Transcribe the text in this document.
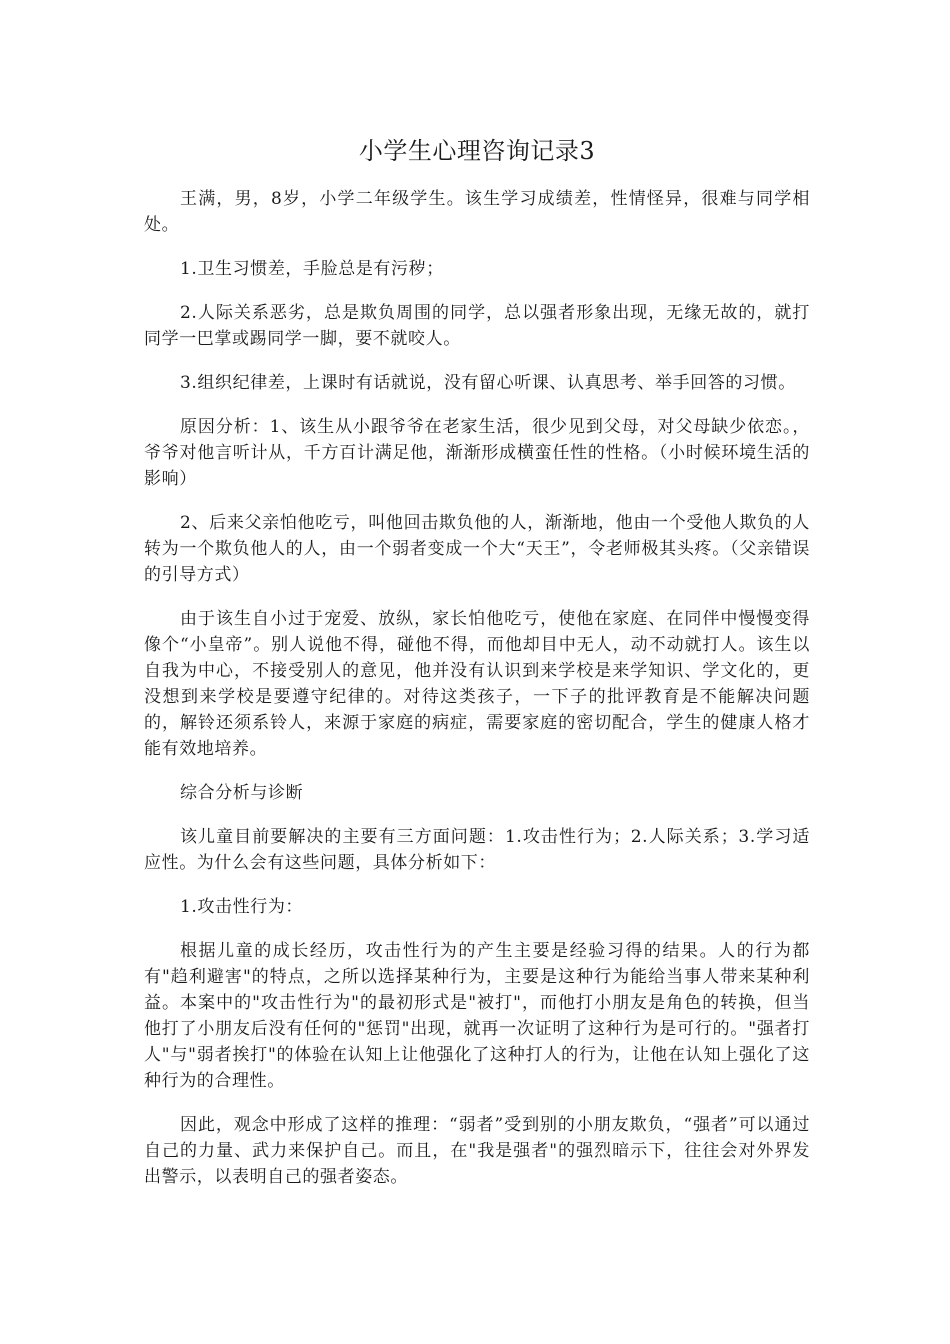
小学生心理咨询记录3

王满，男，8岁，小学二年级学生。该生学习成绩差，性情怪异，很难与同学相处。

1.卫生习惯差，手脸总是有污秽；

2.人际关系恶劣，总是欺负周围的同学，总以强者形象出现，无缘无故的，就打同学一巴掌或踢同学一脚，要不就咬人。

3.组织纪律差，上课时有话就说，没有留心听课、认真思考、举手回答的习惯。

原因分析：1、该生从小跟爷爷在老家生活，很少见到父母，对父母缺少依恋。，爷爷对他言听计从，千方百计满足他，渐渐形成横蛮任性的性格。（小时候环境生活的影响）

2、后来父亲怕他吃亏，叫他回击欺负他的人，渐渐地，他由一个受他人欺负的人转为一个欺负他人的人，由一个弱者变成一个大“天王”，令老师极其头疼。（父亲错误的引导方式）

由于该生自小过于宠爱、放纵，家长怕他吃亏，使他在家庭、在同伴中慢慢变得像个“小皇帝”。别人说他不得，碰他不得，而他却目中无人，动不动就打人。该生以自我为中心，不接受别人的意见，他并没有认识到来学校是来学知识、学文化的，更没想到来学校是要遵守纪律的。对待这类孩子，一下子的批评教育是不能解决问题的，解铃还须系铃人，来源于家庭的病症，需要家庭的密切配合，学生的健康人格才能有效地培养。

综合分析与诊断

该儿童目前要解决的主要有三方面问题：1.攻击性行为；2.人际关系；3.学习适应性。为什么会有这些问题，具体分析如下：

1.攻击性行为：

根据儿童的成长经历，攻击性行为的产生主要是经验习得的结果。人的行为都有"趋利避害"的特点，之所以选择某种行为，主要是这种行为能给当事人带来某种利益。本案中的"攻击性行为"的最初形式是"被打"，而他打小朋友是角色的转换，但当他打了小朋友后没有任何的"惩罚"出现，就再一次证明了这种行为是可行的。"强者打人"与"弱者挨打"的体验在认知上让他强化了这种打人的行为，让他在认知上强化了这种行为的合理性。

因此，观念中形成了这样的推理：“弱者”受到别的小朋友欺负，“强者”可以通过自己的力量、武力来保护自己。而且，在"我是强者"的强烈暗示下，往往会对外界发出警示，以表明自己的强者姿态。
